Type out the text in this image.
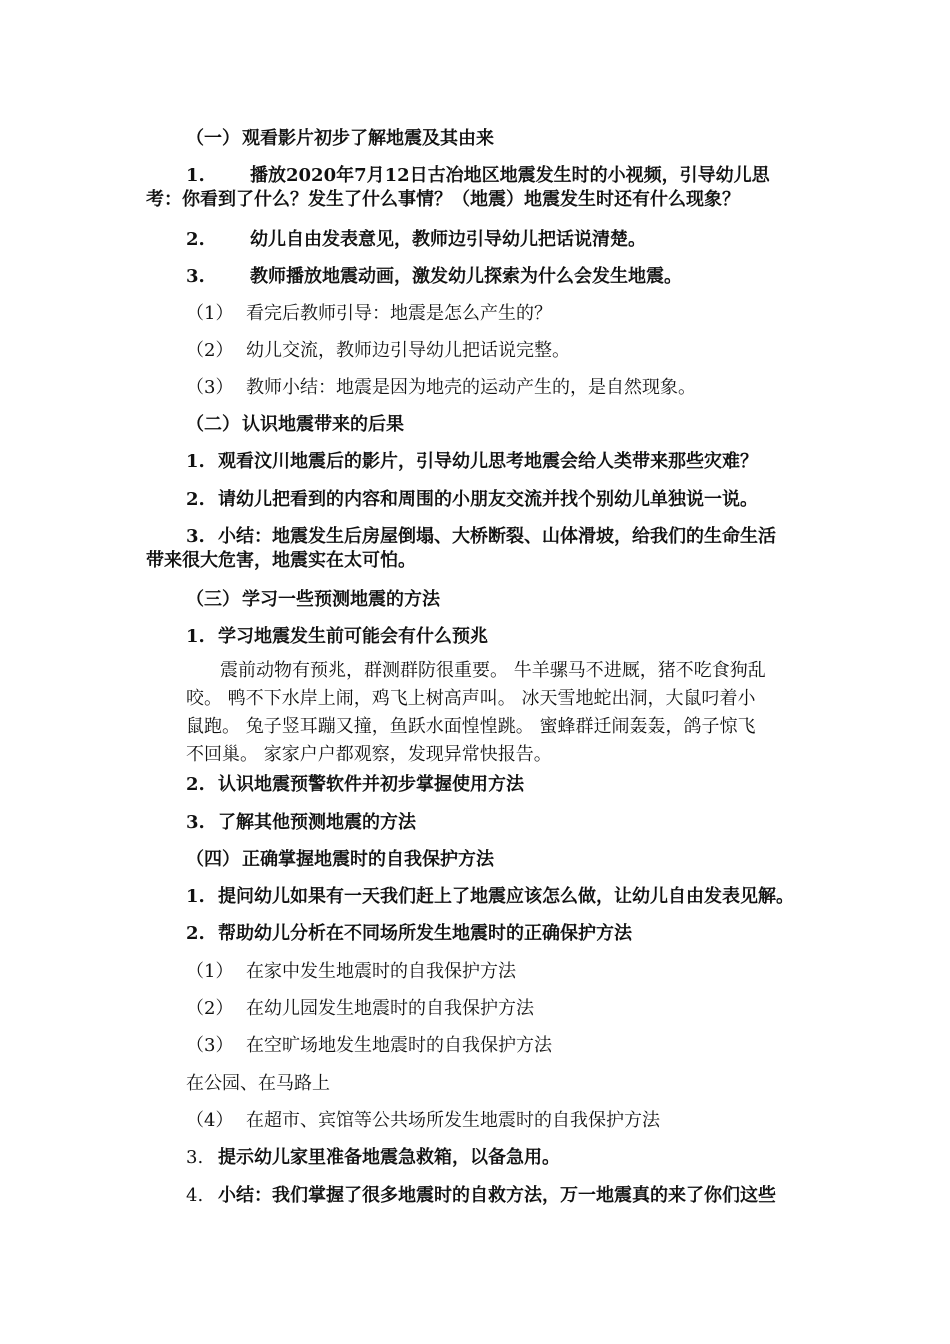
（一） 观看影片初步了解地震及其由来
1.	播放2020年7月12日古冶地区地震发生时的小视频，引导幼儿思
考：你看到了什么？发生了什么事情？（地震）地震发生时还有什么现象？
2.	幼儿自由发表意见，教师边引导幼儿把话说清楚。
3.	教师播放地震动画，激发幼儿探索为什么会发生地震。
（1） 看完后教师引导：地震是怎么产生的？
（2） 幼儿交流，教师边引导幼儿把话说完整。
（3） 教师小结：地震是因为地壳的运动产生的，是自然现象。
（二） 认识地震带来的后果
1. 观看汶川地震后的影片，引导幼儿思考地震会给人类带来那些灾难？
2. 请幼儿把看到的内容和周围的小朋友交流并找个别幼儿单独说一说。
3. 小结：地震发生后房屋倒塌、大桥断裂、山体滑坡，给我们的生命生活
带来很大危害，地震实在太可怕。
（三） 学习一些预测地震的方法
1. 学习地震发生前可能会有什么预兆
震前动物有预兆，群测群防很重要。 牛羊骡马不进厩，猪不吃食狗乱
咬。 鸭不下水岸上闹，鸡飞上树高声叫。 冰天雪地蛇出洞，大鼠叼着小
鼠跑。 兔子竖耳蹦又撞，鱼跃水面惶惶跳。 蜜蜂群迁闹轰轰，鸽子惊飞
不回巢。 家家户户都观察，发现异常快报告。
2. 认识地震预警软件并初步掌握使用方法
3. 了解其他预测地震的方法
（四） 正确掌握地震时的自我保护方法
1. 提问幼儿如果有一天我们赶上了地震应该怎么做，让幼儿自由发表见解。
2. 帮助幼儿分析在不同场所发生地震时的正确保护方法
（1） 在家中发生地震时的自我保护方法
（2） 在幼儿园发生地震时的自我保护方法
（3） 在空旷场地发生地震时的自我保护方法
在公园、在马路上
（4） 在超市、宾馆等公共场所发生地震时的自我保护方法
3. 提示幼儿家里准备地震急救箱，以备急用。
4. 小结：我们掌握了很多地震时的自救方法，万一地震真的来了你们这些
